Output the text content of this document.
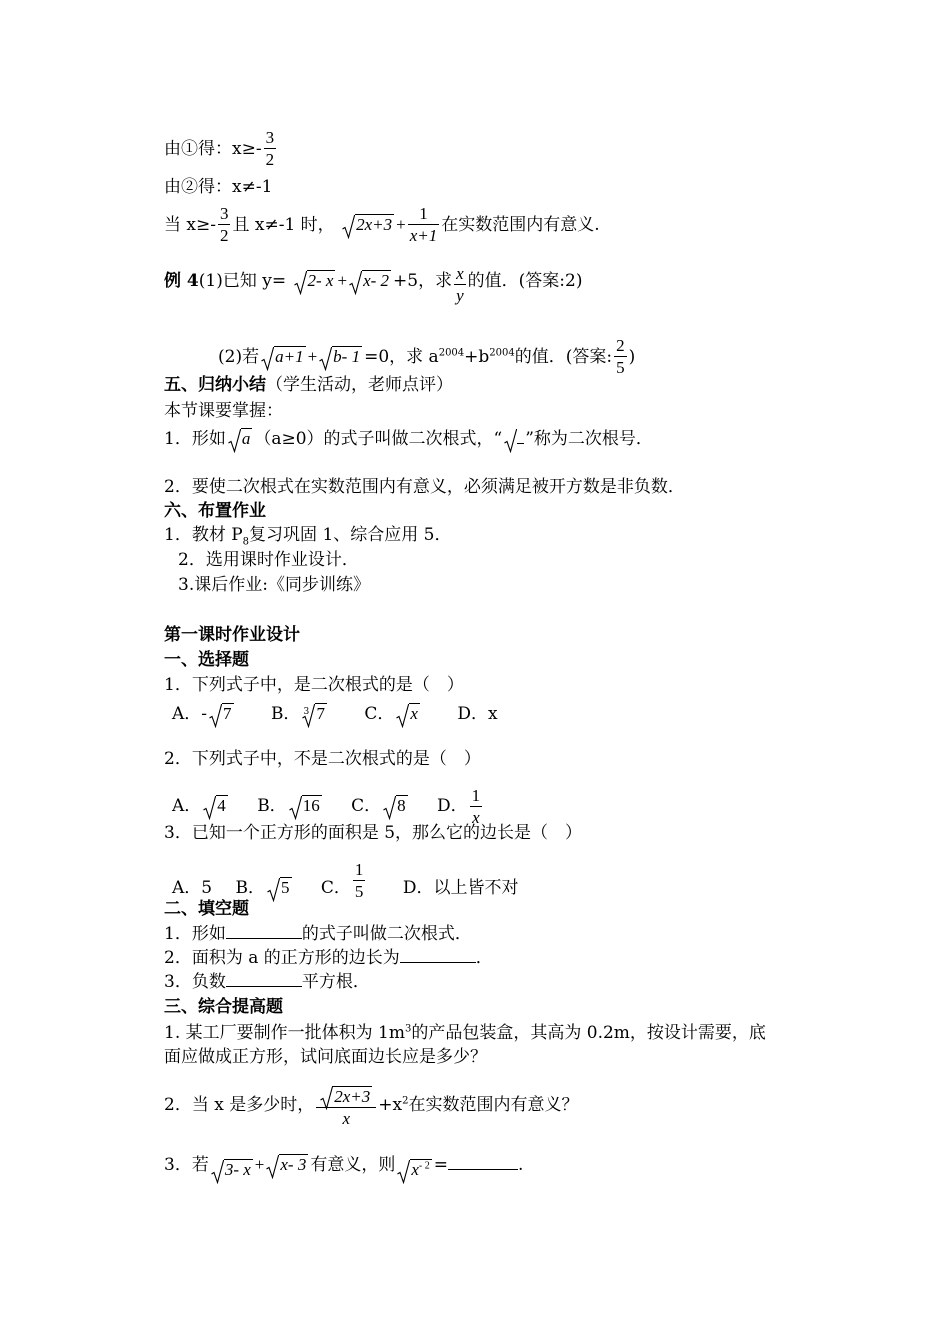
由①得：$x\ge- \frac{3}{2}$
由②得：x≠-1
当 $x\ge- \frac{3}{2}$ 且 x≠-1 时， $2x+3 + \frac{1}{x+1}$ 在实数范围内有意义.
例 4(1)已知 y= 2- x + x- 2 +5，求 $\frac{x}{y}$ 的值．(答案:2)
(2)若 a+1 + b- 1 =0，求 $a^{2004}+b^{2004}$的值．(答案: $\frac{2}{5}$ )
五、归纳小结（学生活动，老师点评）
本节课要掌握：
1．形如 a （a≥0）的式子叫做二次根式，“ ”称为二次根号．
2．要使二次根式在实数范围内有意义，必须满足被开方数是非负数．
六、布置作业
1．教材 $P_8$复习巩固 1、综合应用 5．
2．选用课时作业设计．
3.课后作业:《同步训练》
第一课时作业设计
一、选择题
1．下列式子中，是二次根式的是（　）
A．- 7 B． 3 7 C． x D．x
2．下列式子中，不是二次根式的是（　）
A． 4 B． 16 C． 8 D． $\frac{1}{x}$
3．已知一个正方形的面积是 5，那么它的边长是（　）
A．5 B． 5 C． $\frac{1}{5}$ D．以上皆不对
二、填空题
1．形如	的式子叫做二次根式．
2．面积为 a 的正方形的边长为	．
3．负数	平方根．
三、综合提高题
1. 某工厂要制作一批体积为 $1m^3$的产品包装盒，其高为 0.2m，按设计需要，底
面应做成正方形，试问底面边长应是多少？
2．当 x 是多少时， $\frac{2x+3}{x} +x^2$在实数范围内有意义？
3．若 3- x + x- 3 有意义，则 $x^{- 2}$ =	.
